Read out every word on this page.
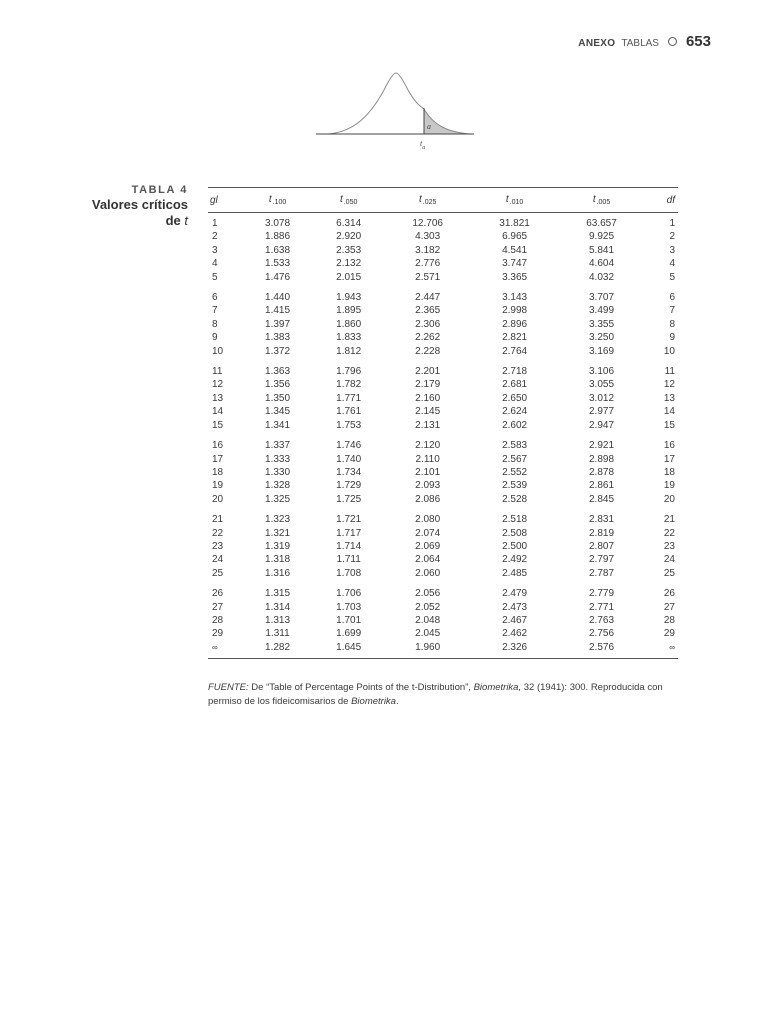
ANEXO TABLAS 653
a
$t_a$
TABLA 4
Valores críticos
de t
gl	$t_{.100}$	$t_{.050}$	$t_{.025}$	$t_{.010}$	$t_{.005}$	df
1	3.078	6.314	12.706	31.821	63.657	1
2	1.886	2.920	4.303	6.965	9.925	2
3	1.638	2.353	3.182	4.541	5.841	3
4	1.533	2.132	2.776	3.747	4.604	4
5	1.476	2.015	2.571	3.365	4.032	5
6	1.440	1.943	2.447	3.143	3.707	6
7	1.415	1.895	2.365	2.998	3.499	7
8	1.397	1.860	2.306	2.896	3.355	8
9	1.383	1.833	2.262	2.821	3.250	9
10	1.372	1.812	2.228	2.764	3.169	10
11	1.363	1.796	2.201	2.718	3.106	11
12	1.356	1.782	2.179	2.681	3.055	12
13	1.350	1.771	2.160	2.650	3.012	13
14	1.345	1.761	2.145	2.624	2.977	14
15	1.341	1.753	2.131	2.602	2.947	15
16	1.337	1.746	2.120	2.583	2.921	16
17	1.333	1.740	2.110	2.567	2.898	17
18	1.330	1.734	2.101	2.552	2.878	18
19	1.328	1.729	2.093	2.539	2.861	19
20	1.325	1.725	2.086	2.528	2.845	20
21	1.323	1.721	2.080	2.518	2.831	21
22	1.321	1.717	2.074	2.508	2.819	22
23	1.319	1.714	2.069	2.500	2.807	23
24	1.318	1.711	2.064	2.492	2.797	24
25	1.316	1.708	2.060	2.485	2.787	25
26	1.315	1.706	2.056	2.479	2.779	26
27	1.314	1.703	2.052	2.473	2.771	27
28	1.313	1.701	2.048	2.467	2.763	28
29	1.311	1.699	2.045	2.462	2.756	29
∞	1.282	1.645	1.960	2.326	2.576	∞
FUENTE: De “Table of Percentage Points of the t-Distribution”, Biometrika, 32 (1941): 300. Reproducida con permiso de los fideicomisarios de Biometrika.
